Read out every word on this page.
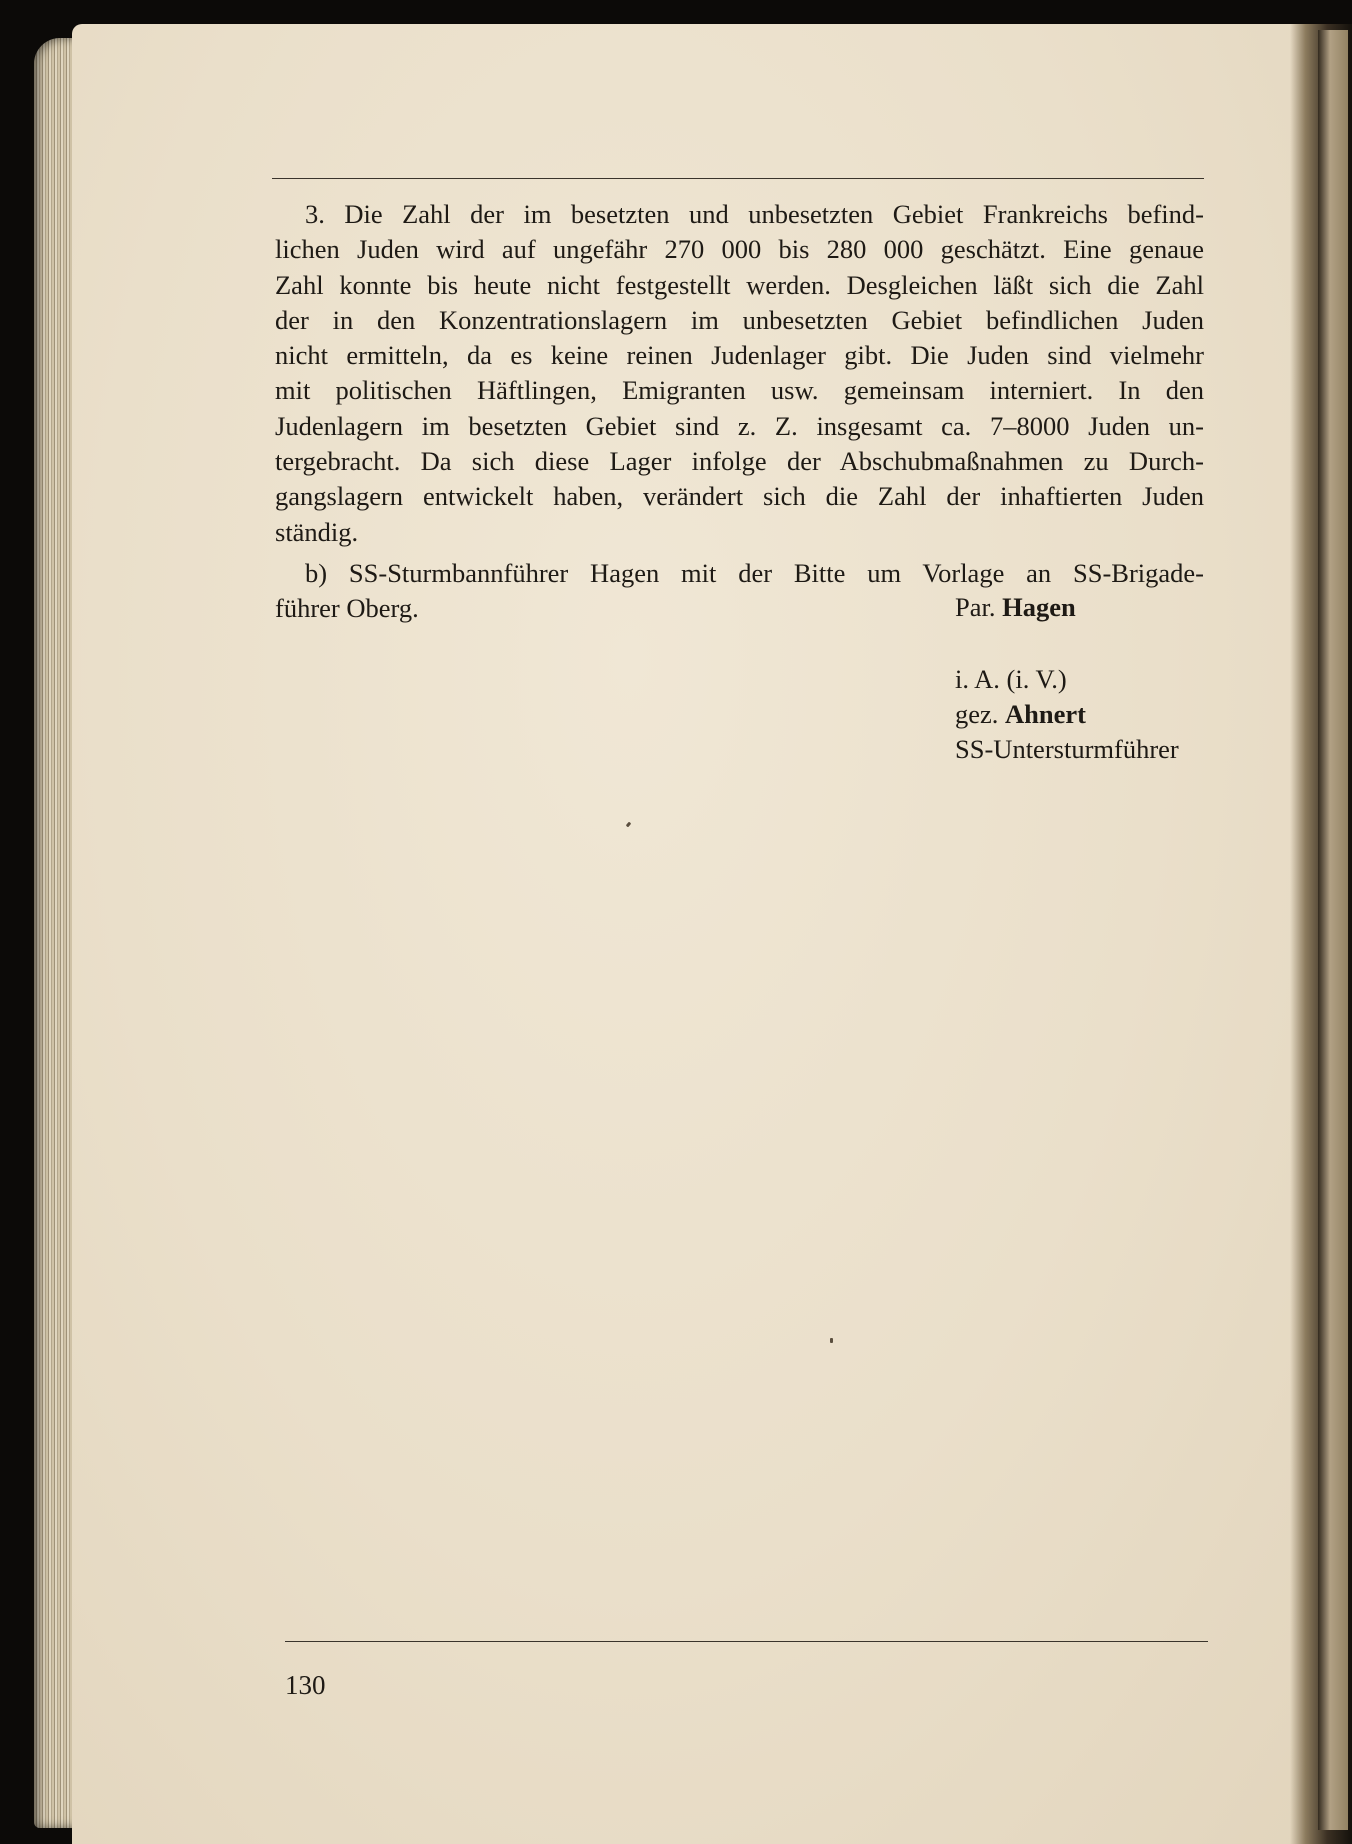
3. Die Zahl der im besetzten und unbesetzten Gebiet Frankreichs befind-
lichen Juden wird auf ungefähr 270 000 bis 280 000 geschätzt. Eine genaue
Zahl konnte bis heute nicht festgestellt werden. Desgleichen läßt sich die Zahl
der in den Konzentrationslagern im unbesetzten Gebiet befindlichen Juden
nicht ermitteln, da es keine reinen Judenlager gibt. Die Juden sind vielmehr
mit politischen Häftlingen, Emigranten usw. gemeinsam interniert. In den
Judenlagern im besetzten Gebiet sind z. Z. insgesamt ca. 7–8000 Juden un-
tergebracht. Da sich diese Lager infolge der Abschubmaßnahmen zu Durch-
gangslagern entwickelt haben, verändert sich die Zahl der inhaftierten Juden
ständig.
b) SS-Sturmbannführer Hagen mit der Bitte um Vorlage an SS-Brigade-
führer Oberg.	Par. Hagen
i. A. (i. V.)
gez. Ahnert
SS-Untersturmführer
130
